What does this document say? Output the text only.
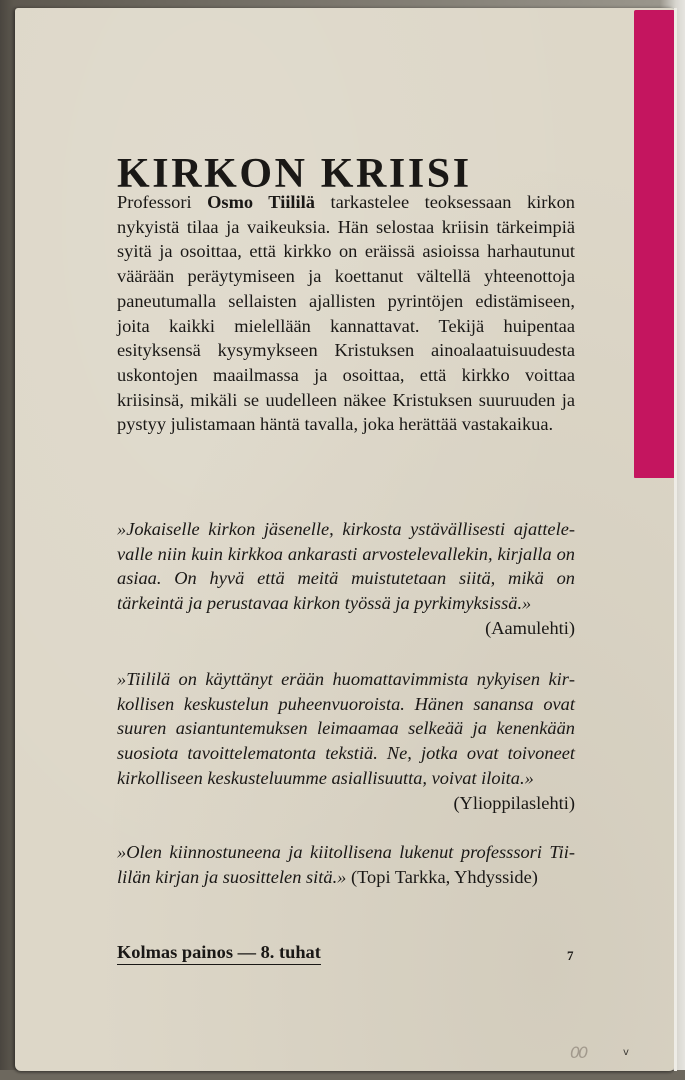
KIRKON KRIISI
Professori Osmo Tiililä tarkastelee teoksessaan kirkon nykyistä tilaa ja vaikeuksia. Hän selostaa kriisin tärkeimpiä syitä ja osoittaa, että kirkko on eräissä asioissa harhautunut väärään peräytymiseen ja koettanut vältellä yhteenottoja paneutumalla sellaisten ajallisten pyrintöjen edistämiseen, joita kaikki mielellään kannattavat. Tekijä huipentaa esityksensä kysymykseen Kristuksen ainoalaatuisuudesta uskontojen maailmassa ja osoittaa, että kirkko voittaa kriisinsä, mikäli se uudelleen näkee Kristuksen suuruuden ja pystyy julistamaan häntä tavalla, joka herättää vastakaikua.
»Jokaiselle kirkon jäsenelle, kirkosta ystävällisesti ajattelevalle niin kuin kirkkoa ankarasti arvostelevallekin, kirjalla on asiaa. On hyvä että meitä muistutetaan siitä, mikä on tärkeintä ja perustavaa kirkon työssä ja pyrkimyksissä.»
(Aamulehti)
»Tiililä on käyttänyt erään huomattavimmista nykyisen kirkollisen keskustelun puheenvuoroista. Hänen sanansa ovat suuren asiantuntemuksen leimaamaa selkeää ja kenenkään suosiota tavoittelematonta tekstiä. Ne, jotka ovat toivoneet kirkolliseen keskusteluumme asiallisuutta, voivat iloita.»
(Ylioppilaslehti)
»Olen kiinnostuneena ja kiitollisena lukenut professsori Tiililän kirjan ja suosittelen sitä.» (Topi Tarkka, Yhdysside)
Kolmas painos — 8. tuhat	7
00	v
